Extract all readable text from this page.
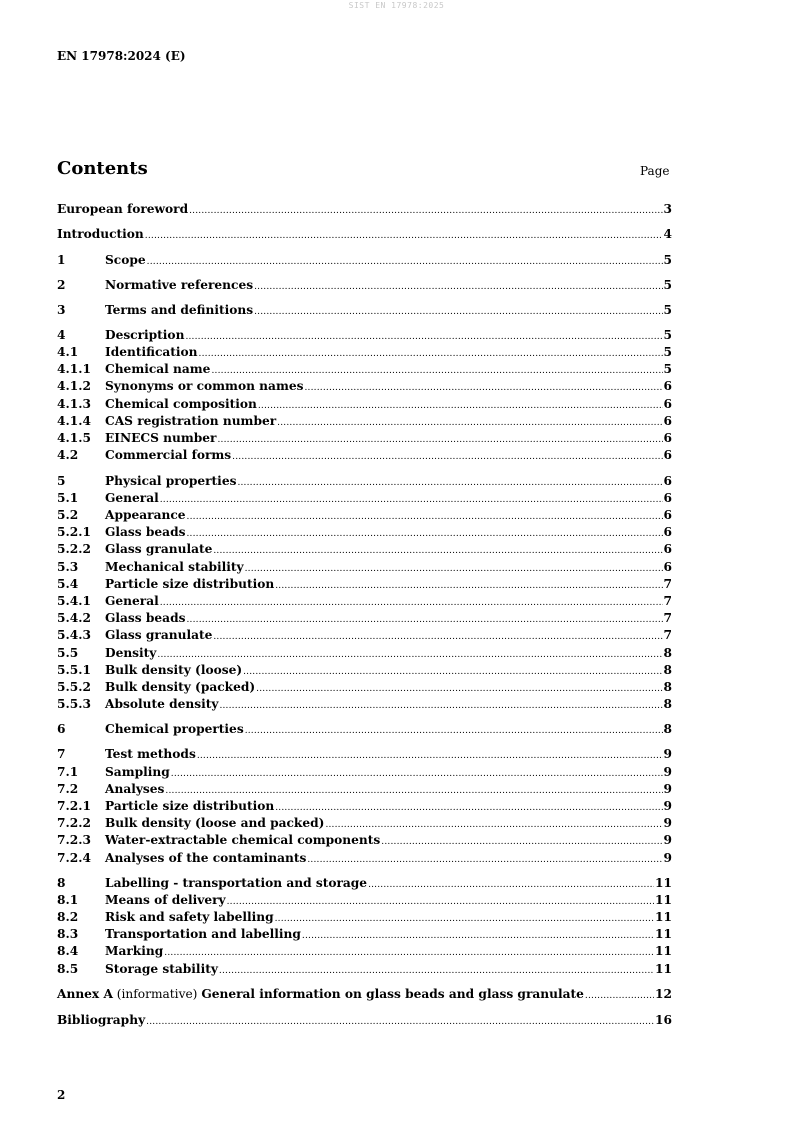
SIST EN 17978:2025
EN 17978:2024 (E)
Contents	Page
European foreword .....	3
Introduction .....	4
1	Scope .....	5
2	Normative references .....	5
3	Terms and definitions .....	5
4	Description .....	5
4.1	Identification .....	5
4.1.1	Chemical name .....	5
4.1.2	Synonyms or common names .....	6
4.1.3	Chemical composition .....	6
4.1.4	CAS registration number .....	6
4.1.5	EINECS number .....	6
4.2	Commercial forms .....	6
5	Physical properties .....	6
5.1	General .....	6
5.2	Appearance .....	6
5.2.1	Glass beads .....	6
5.2.2	Glass granulate .....	6
5.3	Mechanical stability .....	6
5.4	Particle size distribution .....	7
5.4.1	General .....	7
5.4.2	Glass beads .....	7
5.4.3	Glass granulate .....	7
5.5	Density .....	8
5.5.1	Bulk density (loose) .....	8
5.5.2	Bulk density (packed) .....	8
5.5.3	Absolute density .....	8
6	Chemical properties .....	8
7	Test methods .....	9
7.1	Sampling .....	9
7.2	Analyses .....	9
7.2.1	Particle size distribution .....	9
7.2.2	Bulk density (loose and packed) .....	9
7.2.3	Water-extractable chemical components .....	9
7.2.4	Analyses of the contaminants .....	9
8	Labelling - transportation and storage .....	11
8.1	Means of delivery .....	11
8.2	Risk and safety labelling .....	11
8.3	Transportation and labelling .....	11
8.4	Marking .....	11
8.5	Storage stability .....	11
Annex A (informative) General information on glass beads and glass granulate .....	12
Bibliography .....	16
2
